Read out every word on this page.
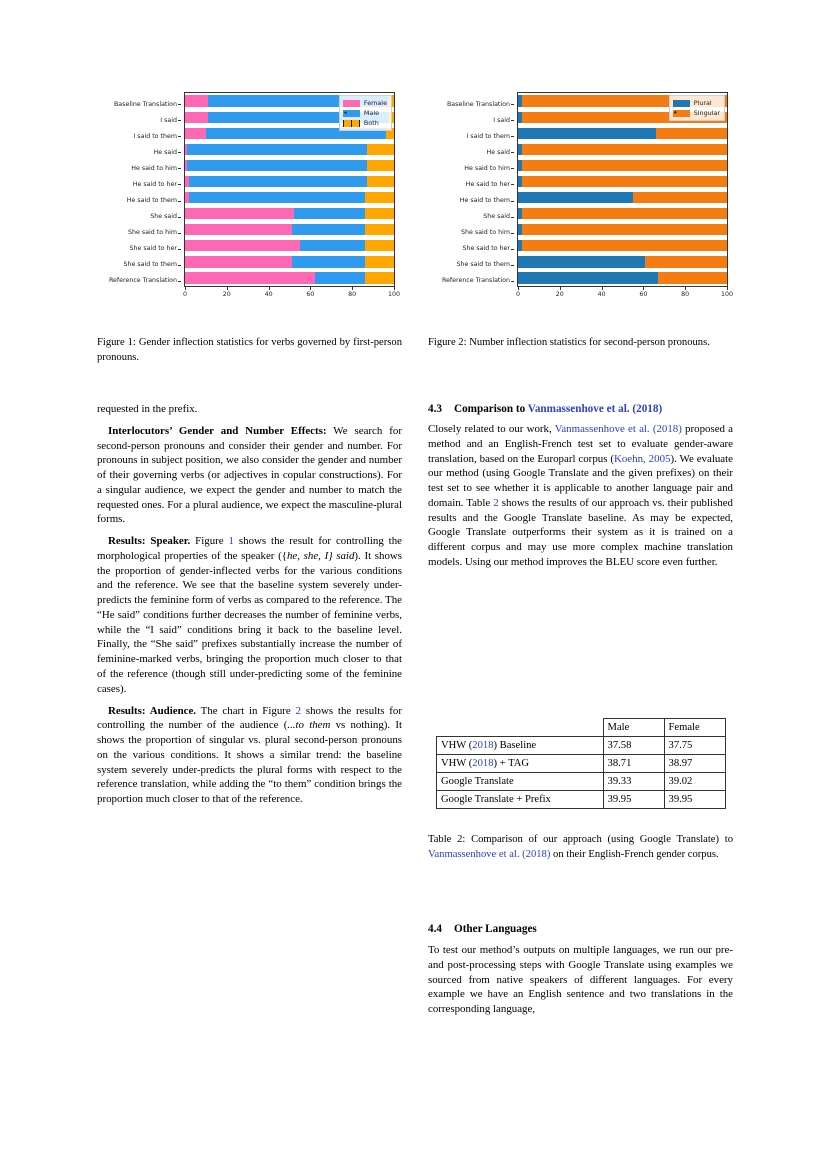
Baseline Translation
I said
I said to them
He said
He said to him
He said to her
He said to them
She said
She said to him
She said to her
She said to them
Reference Translation
Female
Male
Both
0	20	40	60	80	100
Baseline Translation
I said
I said to them
He said
He said to him
He said to her
He said to them
She said
She said to him
She said to her
She said to them
Reference Translation
Plural
Singular
0	20	40	60	80	100
Figure 1: Gender inflection statistics for verbs governed by first-person pronouns.
Figure 2: Number inflection statistics for second-person pronouns.

requested in the prefix.

Interlocutors’ Gender and Number Effects: We search for second-person pronouns and consider their gender and number. For pronouns in subject position, we also consider the gender and number of their governing verbs (or adjectives in copular constructions). For a singular audience, we expect the gender and number to match the requested ones. For a plural audience, we expect the masculine-plural forms.

Results: Speaker. Figure 1 shows the result for controlling the morphological properties of the speaker ({he, she, I} said). It shows the proportion of gender-inflected verbs for the various conditions and the reference. We see that the baseline system severely under-predicts the feminine form of verbs as compared to the reference. The “He said” conditions further decreases the number of feminine verbs, while the “I said” conditions bring it back to the baseline level. Finally, the “She said” prefixes substantially increase the number of feminine-marked verbs, bringing the proportion much closer to that of the reference (though still under-predicting some of the feminine cases).

Results: Audience. The chart in Figure 2 shows the results for controlling the number of the audience (...to them vs nothing). It shows the proportion of singular vs. plural second-person pronouns on the various conditions. It shows a similar trend: the baseline system severely under-predicts the plural forms with respect to the reference translation, while adding the “to them” condition brings the proportion much closer to that of the reference.

4.3 Comparison to Vanmassenhove et al. (2018)

Closely related to our work, Vanmassenhove et al. (2018) proposed a method and an English-French test set to evaluate gender-aware translation, based on the Europarl corpus (Koehn, 2005). We evaluate our method (using Google Translate and the given prefixes) on their test set to see whether it is applicable to another language pair and domain. Table 2 shows the results of our approach vs. their published results and the Google Translate baseline. As may be expected, Google Translate outperforms their system as it is trained on a different corpus and may use more complex machine translation models. Using our method improves the BLEU score even further.

	Male	Female
VHW (2018) Baseline	37.58	37.75
VHW (2018) + TAG	38.71	38.97
Google Translate	39.33	39.02
Google Translate + Prefix	39.95	39.95
Table 2: Comparison of our approach (using Google Translate) to Vanmassenhove et al. (2018) on their English-French gender corpus.
4.4 Other Languages

To test our method’s outputs on multiple languages, we run our pre-and post-processing steps with Google Translate using examples we sourced from native speakers of different languages. For every example we have an English sentence and two translations in the corresponding language,
